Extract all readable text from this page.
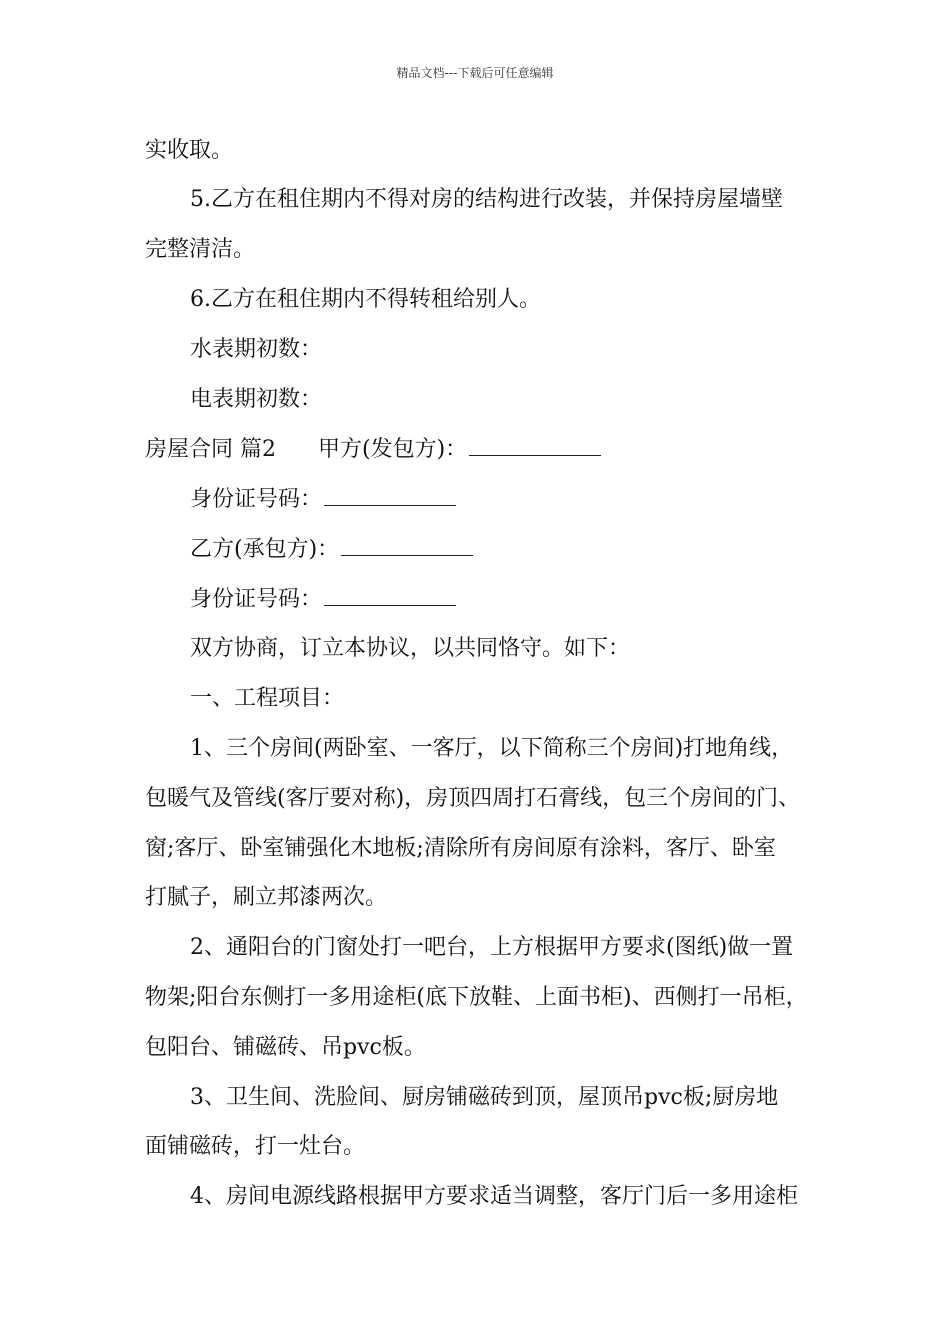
精品文档---下载后可任意编辑
实收取。
5.乙方在租住期内不得对房的结构进行改装，并保持房屋墙壁
完整清洁。
6.乙方在租住期内不得转租给别人。
水表期初数：
电表期初数：
房屋合同 篇2 甲方(发包方)：
身份证号码：
乙方(承包方)：
身份证号码：
双方协商，订立本协议，以共同恪守。如下：
一、工程项目：
1、三个房间(两卧室、一客厅，以下简称三个房间)打地角线，
包暖气及管线(客厅要对称)，房顶四周打石膏线，包三个房间的门、
窗;客厅、卧室铺强化木地板;清除所有房间原有涂料，客厅、卧室
打腻子，刷立邦漆两次。
2、通阳台的门窗处打一吧台，上方根据甲方要求(图纸)做一置
物架;阳台东侧打一多用途柜(底下放鞋、上面书柜)、西侧打一吊柜，
包阳台、铺磁砖、吊pvc板。
3、卫生间、洗脸间、厨房铺磁砖到顶，屋顶吊pvc板;厨房地
面铺磁砖，打一灶台。
4、房间电源线路根据甲方要求适当调整，客厅门后一多用途柜
